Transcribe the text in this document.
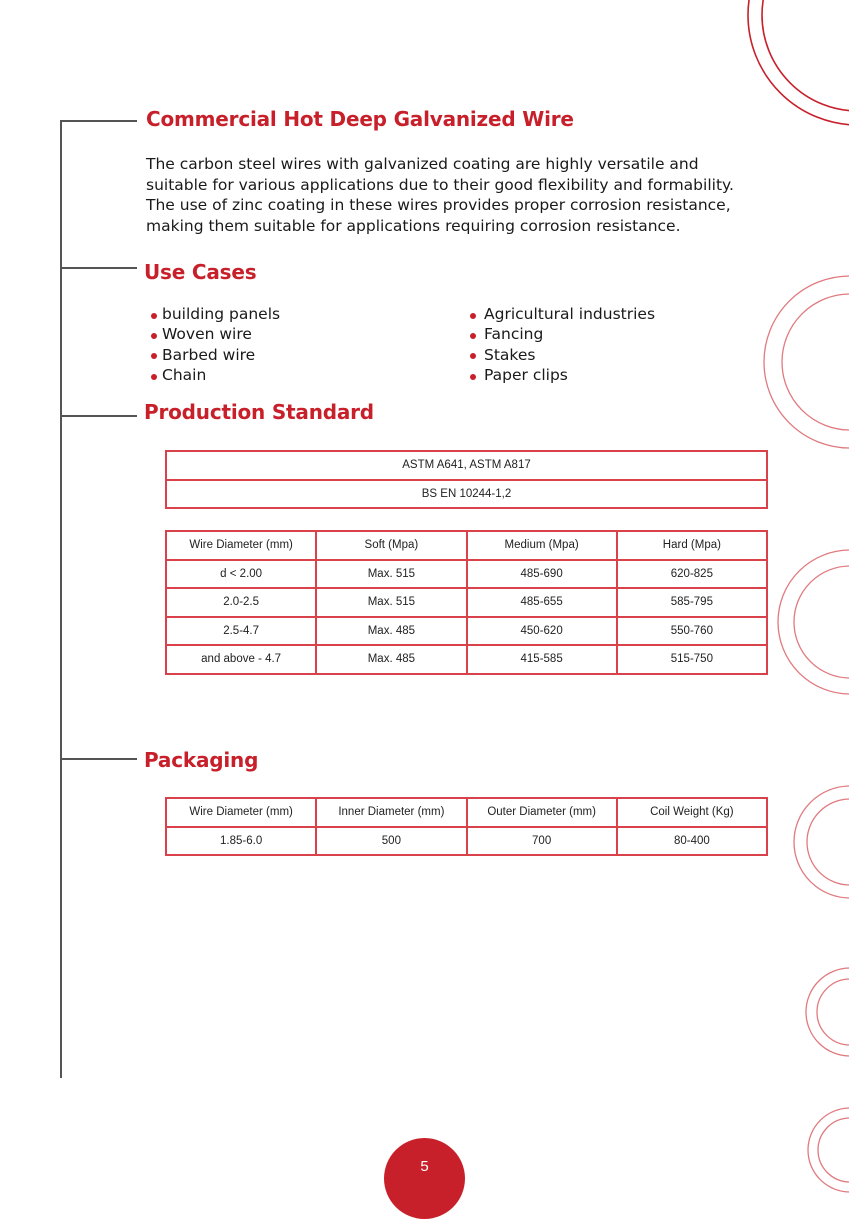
Commercial Hot Deep Galvanized Wire

The carbon steel wires with galvanized coating are highly versatile and suitable for various applications due to their good flexibility and formability.

The use of zinc coating in these wires provides proper corrosion resistance, making them suitable for applications requiring corrosion resistance.

Use Cases
building panels
Woven wire
Barbed wire
Chain
Agricultural industries
Fancing
Stakes
Paper clips
Production Standard
ASTM A641, ASTM A817
BS EN 10244-1,2
Wire Diameter (mm)	Soft (Mpa)	Medium (Mpa)	Hard (Mpa)
d < 2.00	Max. 515	485-690	620-825
2.0-2.5	Max. 515	485-655	585-795
2.5-4.7	Max. 485	450-620	550-760
and above - 4.7	Max. 485	415-585	515-750
Packaging
Wire Diameter (mm)	Inner Diameter (mm)	Outer Diameter (mm)	Coil Weight (Kg)
1.85-6.0	500	700	80-400
5
